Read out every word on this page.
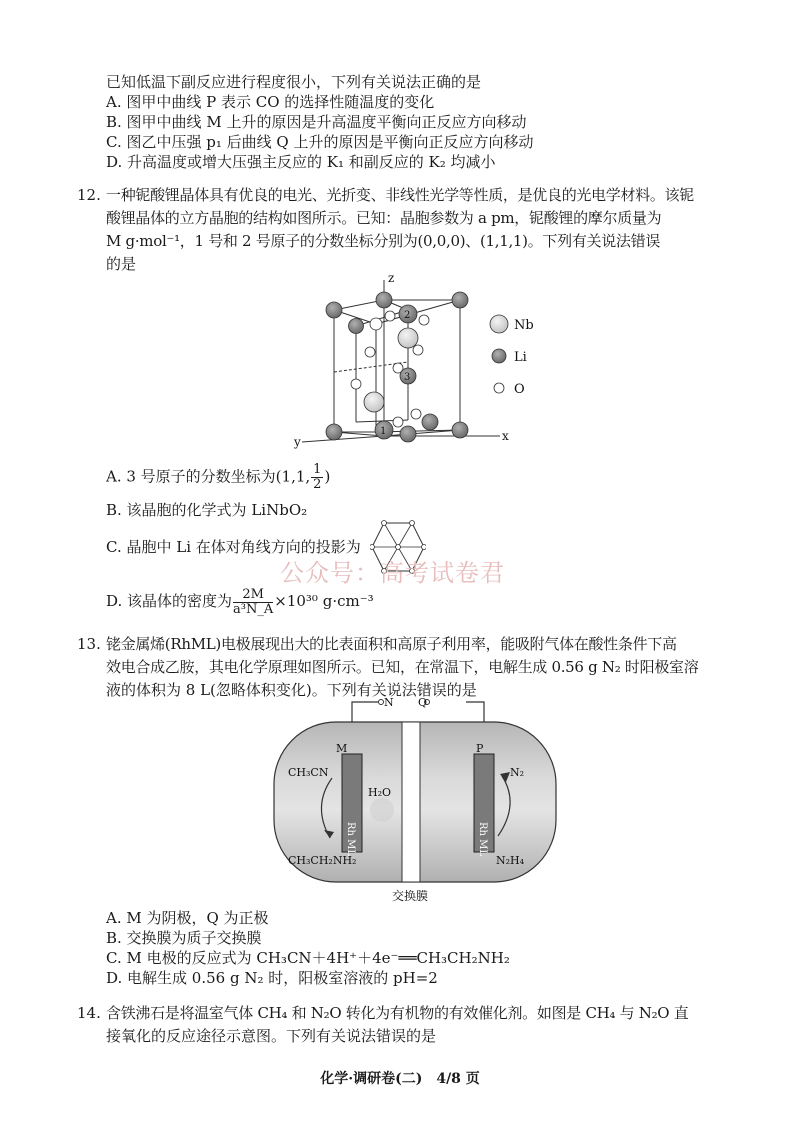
已知低温下副反应进行程度很小，下列有关说法正确的是
A. 图甲中曲线 P 表示 CO 的选择性随温度的变化
B. 图甲中曲线 M 上升的原因是升高温度平衡向正反应方向移动
C. 图乙中压强 p₁ 后曲线 Q 上升的原因是平衡向正反应方向移动
D. 升高温度或增大压强主反应的 K₁ 和副反应的 K₂ 均减小
12. 一种铌酸锂晶体具有优良的电光、光折变、非线性光学等性质，是优良的光电学材料。该铌
酸锂晶体的立方晶胞的结构如图所示。已知：晶胞参数为 a pm，铌酸锂的摩尔质量为
M g·mol⁻¹，1 号和 2 号原子的分数坐标分别为(0,0,0)、(1,1,1)。下列有关说法错误
的是
z
x
y
2
3
1
Nb
Li
O
A. 3 号原子的分数坐标为(1,1, $\frac{1}{2}$ )
B. 该晶胞的化学式为 LiNbO₂
C. 晶胞中 Li 在体对角线方向的投影为
公众号：高考试卷君
D. 该晶体的密度为 $\frac{2M}{\text{a³N\_A}} \times 10^{30}$ g·cm⁻³
13. 铑金属烯(RhML)电极展现出大的比表面积和高原子利用率，能吸附气体在酸性条件下高
效电合成乙胺，其电化学原理如图所示。已知，在常温下，电解生成 0.56 g N₂ 时阳极室溶
液的体积为 8 L(忽略体积变化)。下列有关说法错误的是
N Q
M	P
CH₃CN
H₂O
N₂
CH₃CH₂NH₂	N₂H₄
交换膜
Rh ML	Rh ML
A. M 为阴极，Q 为正极
B. 交换膜为质子交换膜
C. M 电极的反应式为 CH₃CN＋4H⁺＋4e⁻══CH₃CH₂NH₂
D. 电解生成 0.56 g N₂ 时，阳极室溶液的 pH=2
14. 含铁沸石是将温室气体 CH₄ 和 N₂O 转化为有机物的有效催化剂。如图是 CH₄ 与 N₂O 直
接氧化的反应途径示意图。下列有关说法错误的是
化学·调研卷(二)　4/8 页
